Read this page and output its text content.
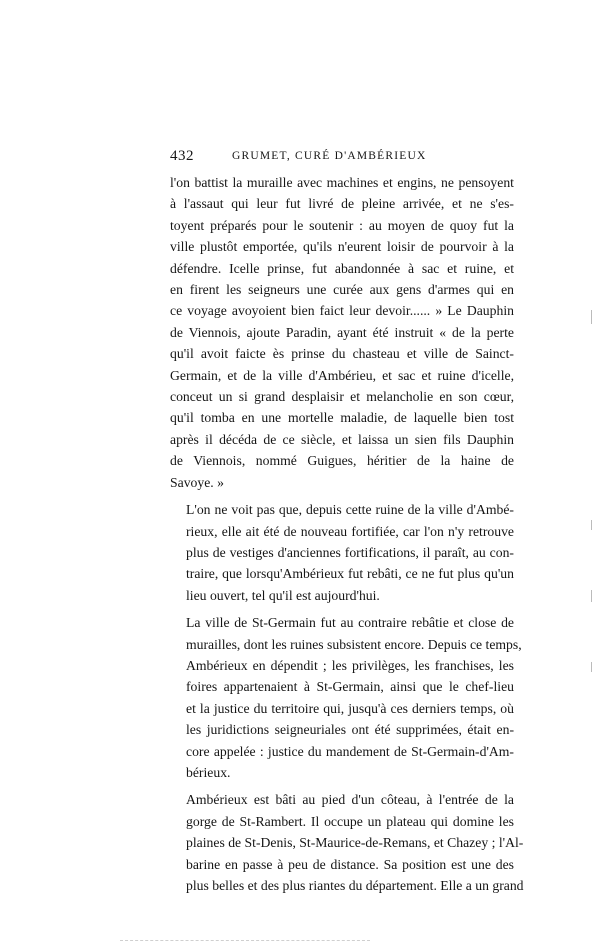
432	GRUMET, CURÉ D'AMBÉRIEUX

l'on battist la muraille avec machines et engins, ne pensoyent
à l'assaut qui leur fut livré de pleine arrivée, et ne s'es-
toyent préparés pour le soutenir : au moyen de quoy fut la
ville plustôt emportée, qu'ils n'eurent loisir de pourvoir à la
défendre. Icelle prinse, fut abandonnée à sac et ruine, et
en firent les seigneurs une curée aux gens d'armes qui en
ce voyage avoyoient bien faict leur devoir...... » Le Dauphin
de Viennois, ajoute Paradin, ayant été instruit « de la perte
qu'il avoit faicte ès prinse du chasteau et ville de Sainct-
Germain, et de la ville d'Ambérieu, et sac et ruine d'icelle,
conceut un si grand desplaisir et melancholie en son cœur,
qu'il tomba en une mortelle maladie, de laquelle bien tost
après il décéda de ce siècle, et laissa un sien fils Dauphin
de Viennois, nommé Guigues, héritier de la haine de
Savoye. »

L'on ne voit pas que, depuis cette ruine de la ville d'Ambé-
rieux, elle ait été de nouveau fortifiée, car l'on n'y retrouve
plus de vestiges d'anciennes fortifications, il paraît, au con-
traire, que lorsqu'Ambérieux fut rebâti, ce ne fut plus qu'un
lieu ouvert, tel qu'il est aujourd'hui.

La ville de St-Germain fut au contraire rebâtie et close de
murailles, dont les ruines subsistent encore. Depuis ce temps,
Ambérieux en dépendit ; les privilèges, les franchises, les
foires appartenaient à St-Germain, ainsi que le chef-lieu
et la justice du territoire qui, jusqu'à ces derniers temps, où
les juridictions seigneuriales ont été supprimées, était en-
core appelée : justice du mandement de St-Germain-d'Am-
bérieux.

Ambérieux est bâti au pied d'un côteau, à l'entrée de la
gorge de St-Rambert. Il occupe un plateau qui domine les
plaines de St-Denis, St-Maurice-de-Remans, et Chazey ; l'Al-
barine en passe à peu de distance. Sa position est une des
plus belles et des plus riantes du département. Elle a un grand
